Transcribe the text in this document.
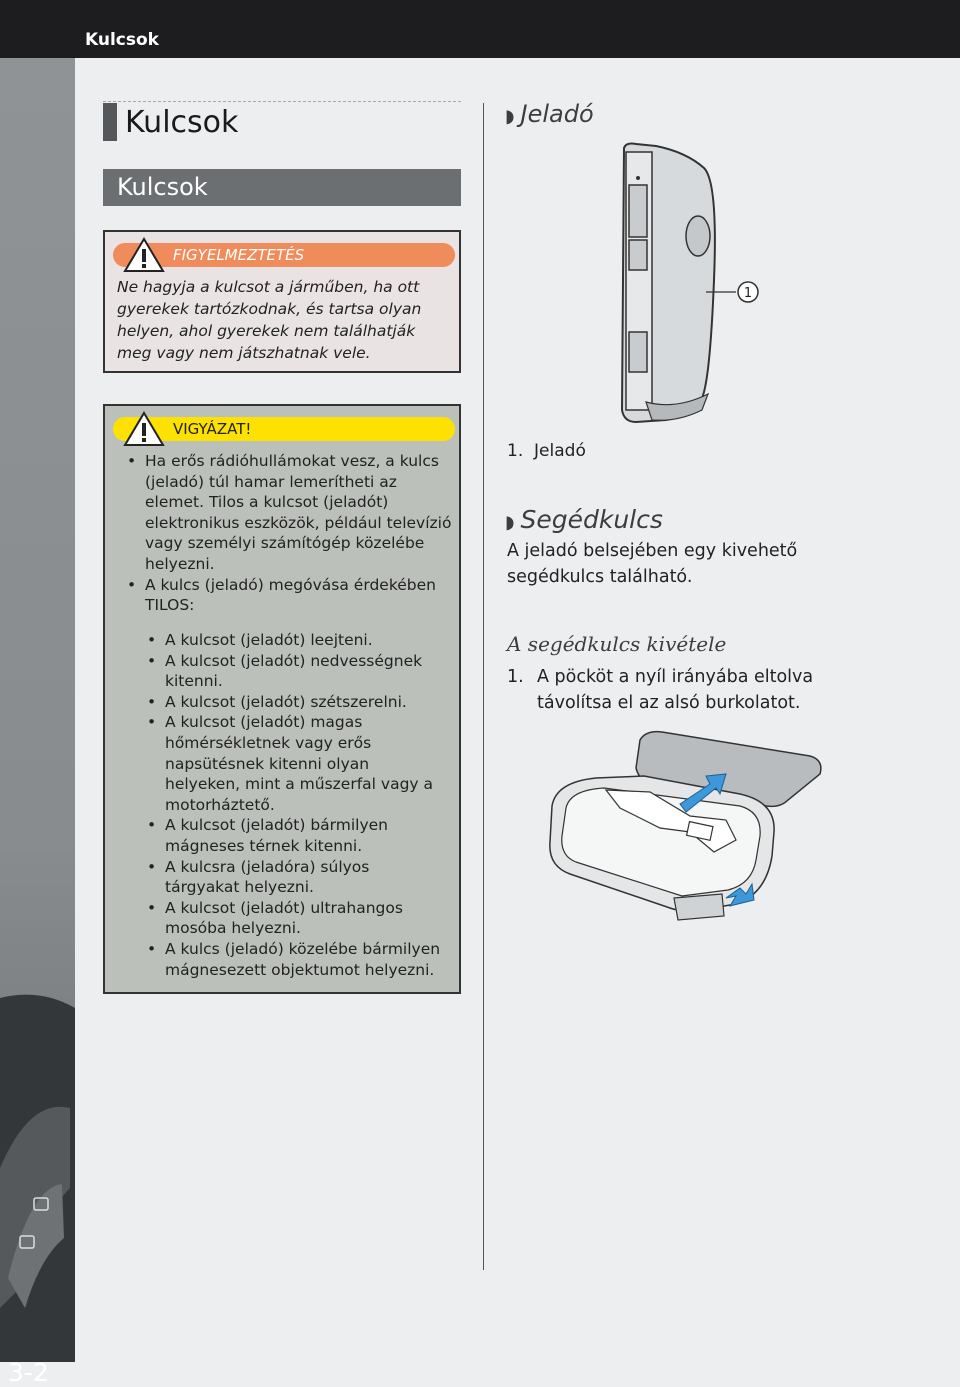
Kulcsok
3-2
Kulcsok
Kulcsok
FIGYELMEZTETÉS
Ne hagyja a kulcsot a járműben, ha ott gyerekek tartózkodnak, és tartsa olyan helyen, ahol gyerekek nem találhatják meg vagy nem játszhatnak vele.
VIGYÁZAT!
• Ha erős rádióhullámokat vesz, a kulcs (jeladó) túl hamar lemerítheti az elemet. Tilos a kulcsot (jeladót) elektronikus eszközök, például televízió vagy személyi számítógép közelébe helyezni.
• A kulcs (jeladó) megóvása érdekében TILOS:
• A kulcsot (jeladót) leejteni.
• A kulcsot (jeladót) nedvességnek kitenni.
• A kulcsot (jeladót) szétszerelni.
• A kulcsot (jeladót) magas hőmérsékletnek vagy erős napsütésnek kitenni olyan helyeken, mint a műszerfal vagy a motorháztető.
• A kulcsot (jeladót) bármilyen mágneses térnek kitenni.
• A kulcsra (jeladóra) súlyos tárgyakat helyezni.
• A kulcsot (jeladót) ultrahangos mosóba helyezni.
• A kulcs (jeladó) közelébe bármilyen mágnesezett objektumot helyezni.
◗ Jeladó
1
1. Jeladó
◗ Segédkulcs
A jeladó belsejében egy kivehető segédkulcs található.
A segédkulcs kivétele
1. A pöcköt a nyíl irányába eltolva távolítsa el az alsó burkolatot.
